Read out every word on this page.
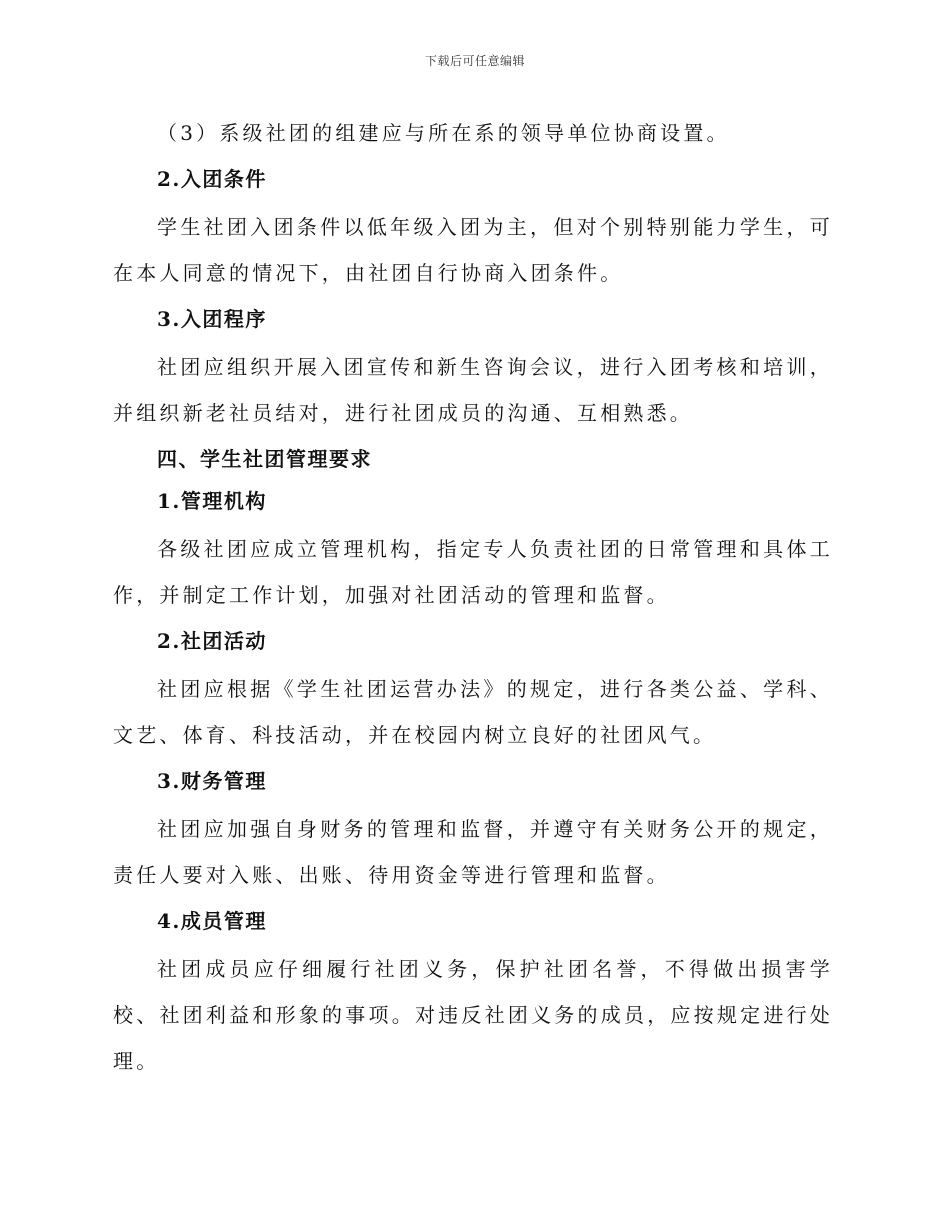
下载后可任意编辑

（3）系级社团的组建应与所在系的领导单位协商设置。

2.入团条件

学生社团入团条件以低年级入团为主，但对个别特别能力学生，可在本人同意的情况下，由社团自行协商入团条件。

3.入团程序

社团应组织开展入团宣传和新生咨询会议，进行入团考核和培训，并组织新老社员结对，进行社团成员的沟通、互相熟悉。

四、学生社团管理要求

1.管理机构

各级社团应成立管理机构，指定专人负责社团的日常管理和具体工作，并制定工作计划，加强对社团活动的管理和监督。

2.社团活动

社团应根据《学生社团运营办法》的规定，进行各类公益、学科、文艺、体育、科技活动，并在校园内树立良好的社团风气。

3.财务管理

社团应加强自身财务的管理和监督，并遵守有关财务公开的规定，责任人要对入账、出账、待用资金等进行管理和监督。

4.成员管理

社团成员应仔细履行社团义务，保护社团名誉，不得做出损害学校、社团利益和形象的事项。对违反社团义务的成员，应按规定进行处理。
